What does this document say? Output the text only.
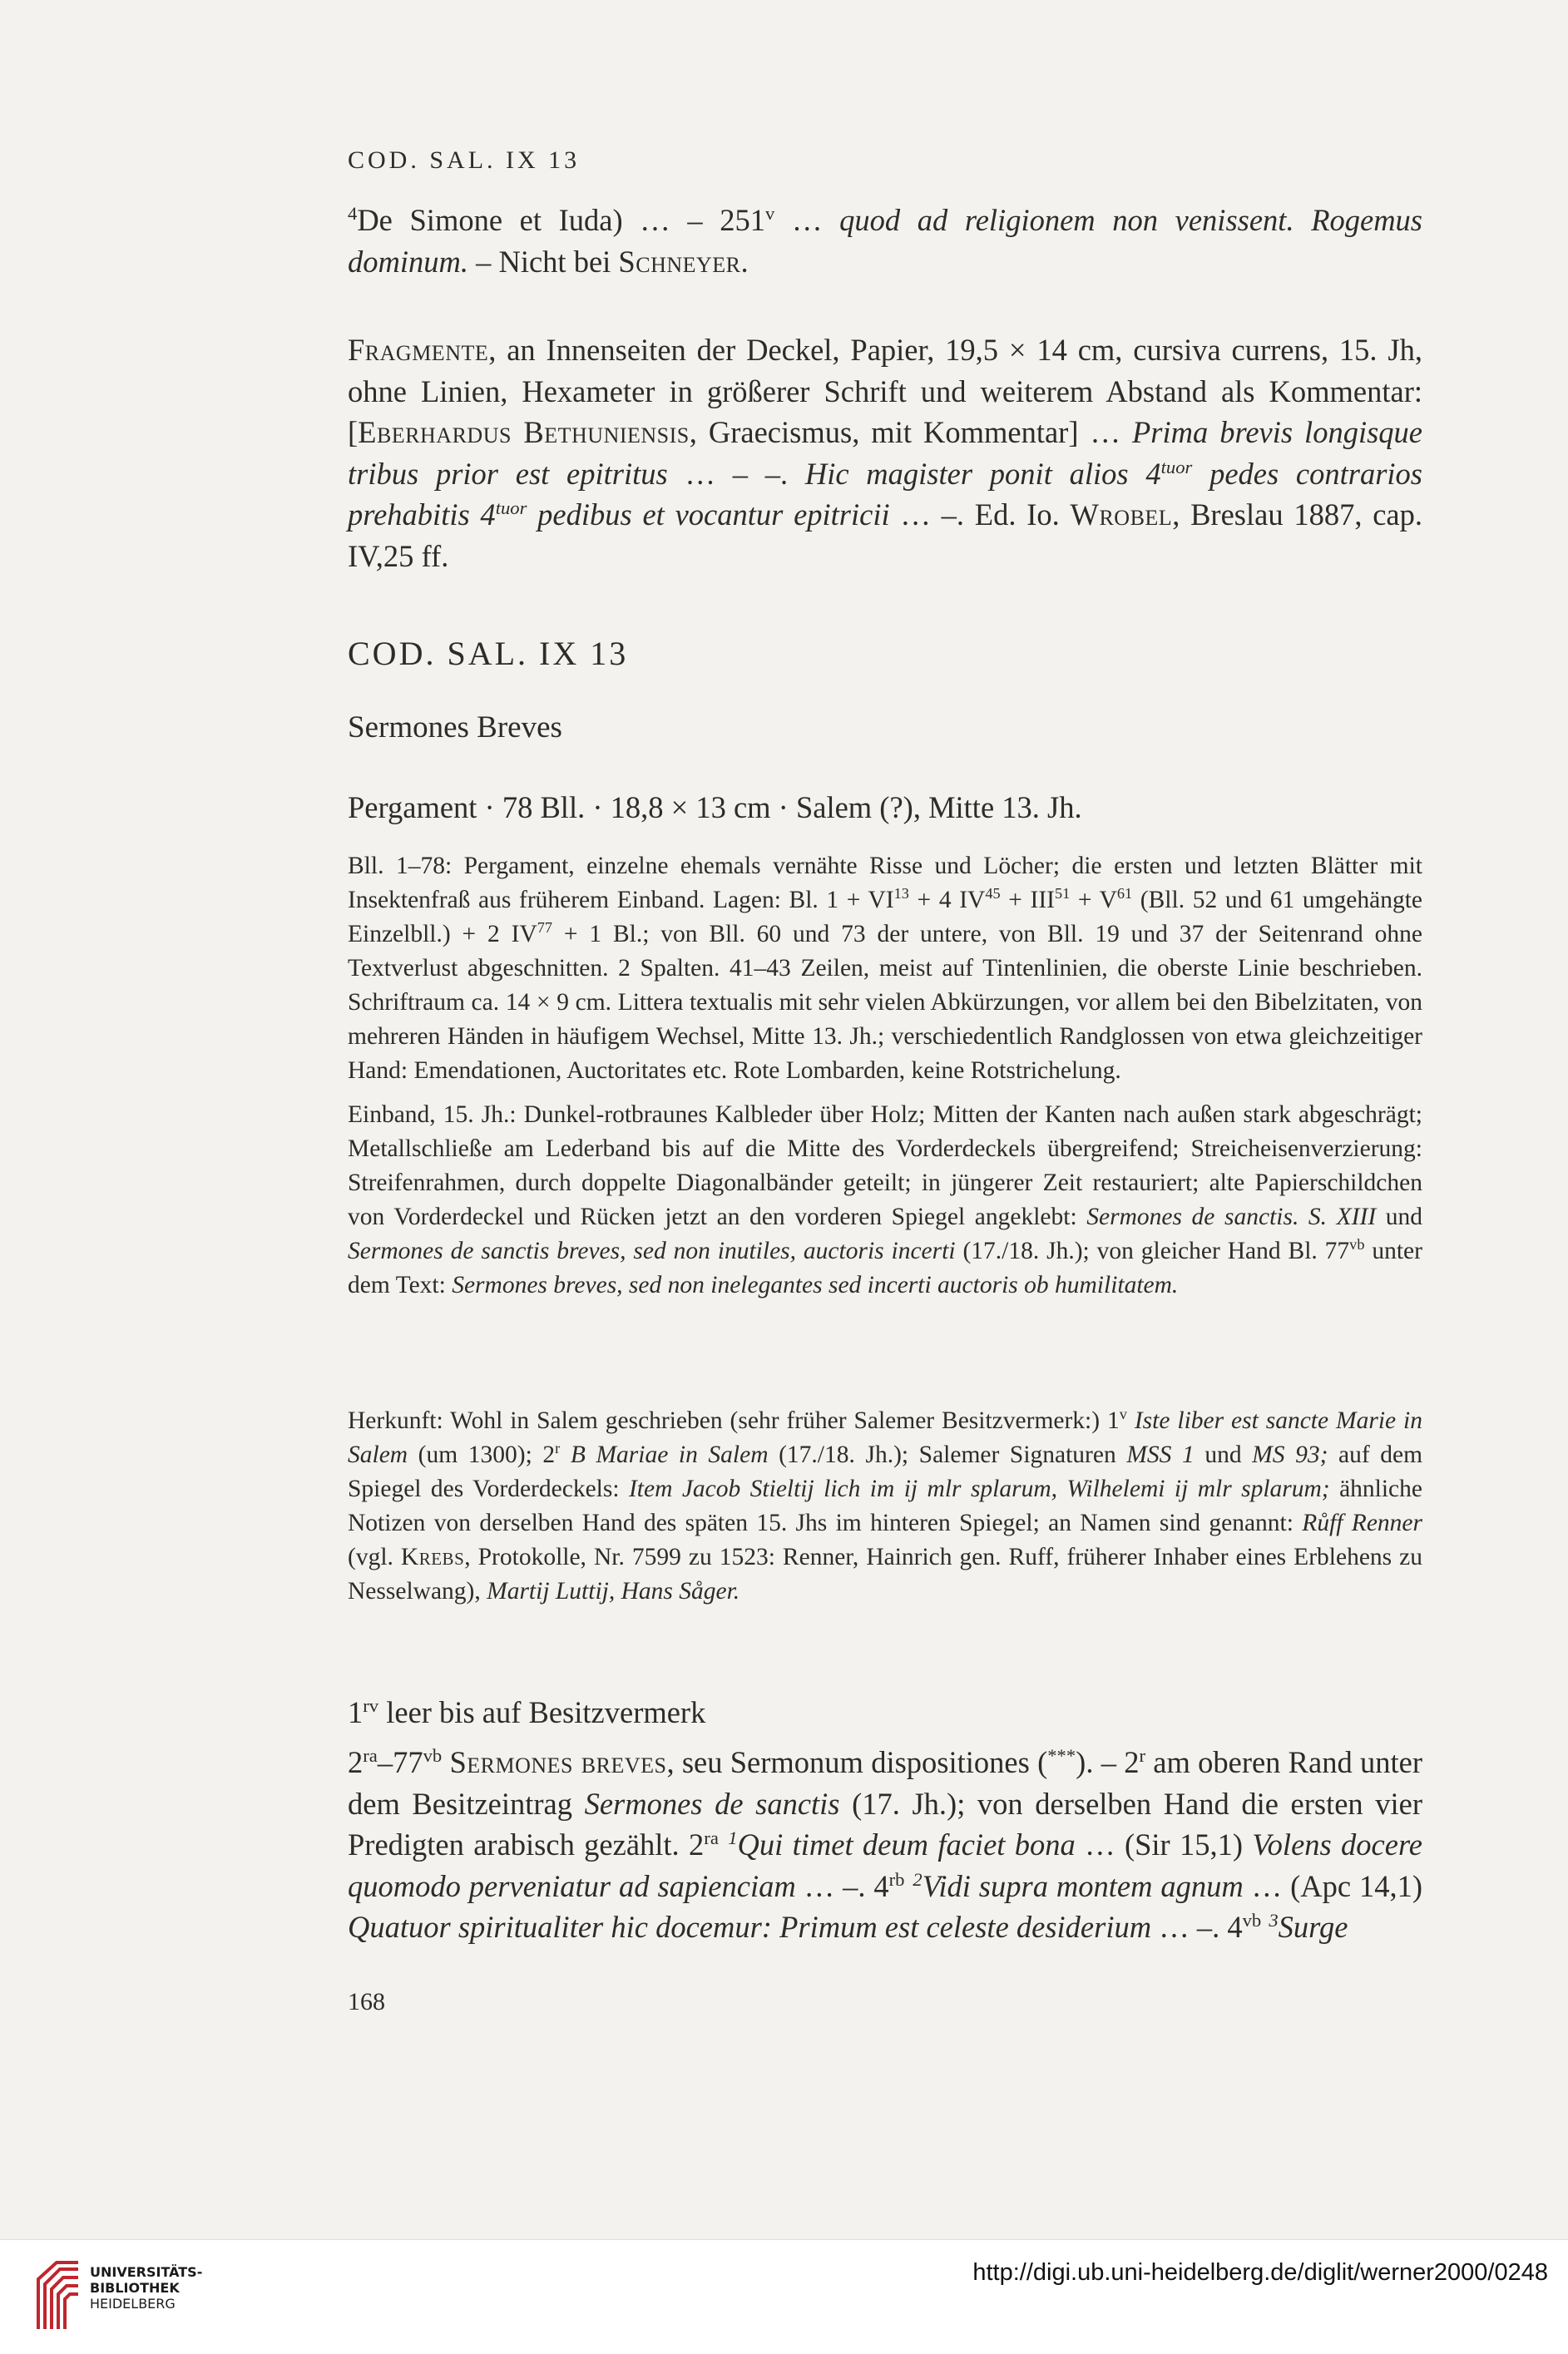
COD. SAL. IX 13
$^4$De Simone et Iuda) … – 251$^v$ … quod ad religionem non venissent. Rogemus dominum. – Nicht bei Schneyer.
Fragmente, an Innenseiten der Deckel, Papier, 19,5 × 14 cm, cursiva currens, 15. Jh, ohne Linien, Hexameter in größerer Schrift und weiterem Abstand als Kommentar: [Eberhardus Bethuniensis, Graecismus, mit Kommentar] … Prima brevis longisque tribus prior est epitritus … – –. Hic magister ponit alios $4^{tuor}$ pedes contrarios prehabitis $4^{tuor}$ pedibus et vocantur epitricii … –. Ed. Io. Wrobel, Breslau 1887, cap. IV,25 ff.
COD. SAL. IX 13
Sermones Breves
Pergament · 78 Bll. · 18,8 × 13 cm · Salem (?), Mitte 13. Jh.
Bll. 1–78: Pergament, einzelne ehemals vernähte Risse und Löcher; die ersten und letzten Blätter mit Insektenfraß aus früherem Einband. Lagen: Bl. $1 + VI^{13} + 4$ $IV^{45} + III^{51} + V^{61}$ (Bll. 52 und 61 umgehängte Einzelbll.) + 2 $IV^{77} + 1$ Bl.; von Bll. 60 und 73 der untere, von Bll. 19 und 37 der Seitenrand ohne Textverlust abgeschnitten. 2 Spalten. 41–43 Zeilen, meist auf Tintenlinien, die oberste Linie beschrieben. Schriftraum ca. 14 × 9 cm. Littera textualis mit sehr vielen Abkürzungen, vor allem bei den Bibelzitaten, von mehreren Händen in häufigem Wechsel, Mitte 13. Jh.; verschiedentlich Randglossen von etwa gleichzeitiger Hand: Emendationen, Auctoritates etc. Rote Lombarden, keine Rotstrichelung.
Einband, 15. Jh.: Dunkel-rotbraunes Kalbleder über Holz; Mitten der Kanten nach außen stark abgeschrägt; Metallschließe am Lederband bis auf die Mitte des Vorderdeckels übergreifend; Streicheisenverzierung: Streifenrahmen, durch doppelte Diagonalbänder geteilt; in jüngerer Zeit restauriert; alte Papierschildchen von Vorderdeckel und Rücken jetzt an den vorderen Spiegel angeklebt: Sermones de sanctis. S. XIII und Sermones de sanctis breves, sed non inutiles, auctoris incerti (17./18. Jh.); von gleicher Hand Bl. $77^{vb}$ unter dem Text: Sermones breves, sed non inelegantes sed incerti auctoris ob humilitatem.
Herkunft: Wohl in Salem geschrieben (sehr früher Salemer Besitzvermerk:) 1$^v$ Iste liber est sancte Marie in Salem (um 1300); 2$^r$ B Mariae in Salem (17./18. Jh.); Salemer Signaturen MSS 1 und MS 93; auf dem Spiegel des Vorderdeckels: Item Jacob Stieltij lich im ij mlr splarum, Wilhelemi ij mlr splarum; ähnliche Notizen von derselben Hand des späten 15. Jhs im hinteren Spiegel; an Namen sind genannt: Růff Renner (vgl. Krebs, Protokolle, Nr. 7599 zu 1523: Renner, Hainrich gen. Ruff, früherer Inhaber eines Erblehens zu Nesselwang), Martij Luttij, Hans Såger.
$1^{rv}$ leer bis auf Besitzvermerk
$2^{ra}-77^{vb}$ Sermones breves, seu Sermonum dispositiones (***). – 2$^r$ am oberen Rand unter dem Besitzeintrag Sermones de sanctis (17. Jh.); von derselben Hand die ersten vier Predigten arabisch gezählt. $2^{ra}$ $^1$Qui timet deum faciet bona … (Sir 15,1) Volens docere quomodo perveniatur ad sapienciam … –. $4^{rb}$ $^2$Vidi supra montem agnum … (Apc 14,1) Quatuor spiritualiter hic docemur: Primum est celeste desiderium … –. $4^{vb}$ $^3$Surge
168
UNIVERSITÄTS-
BIBLIOTHEK
HEIDELBERG
http://digi.ub.uni-heidelberg.de/diglit/werner2000/0248
